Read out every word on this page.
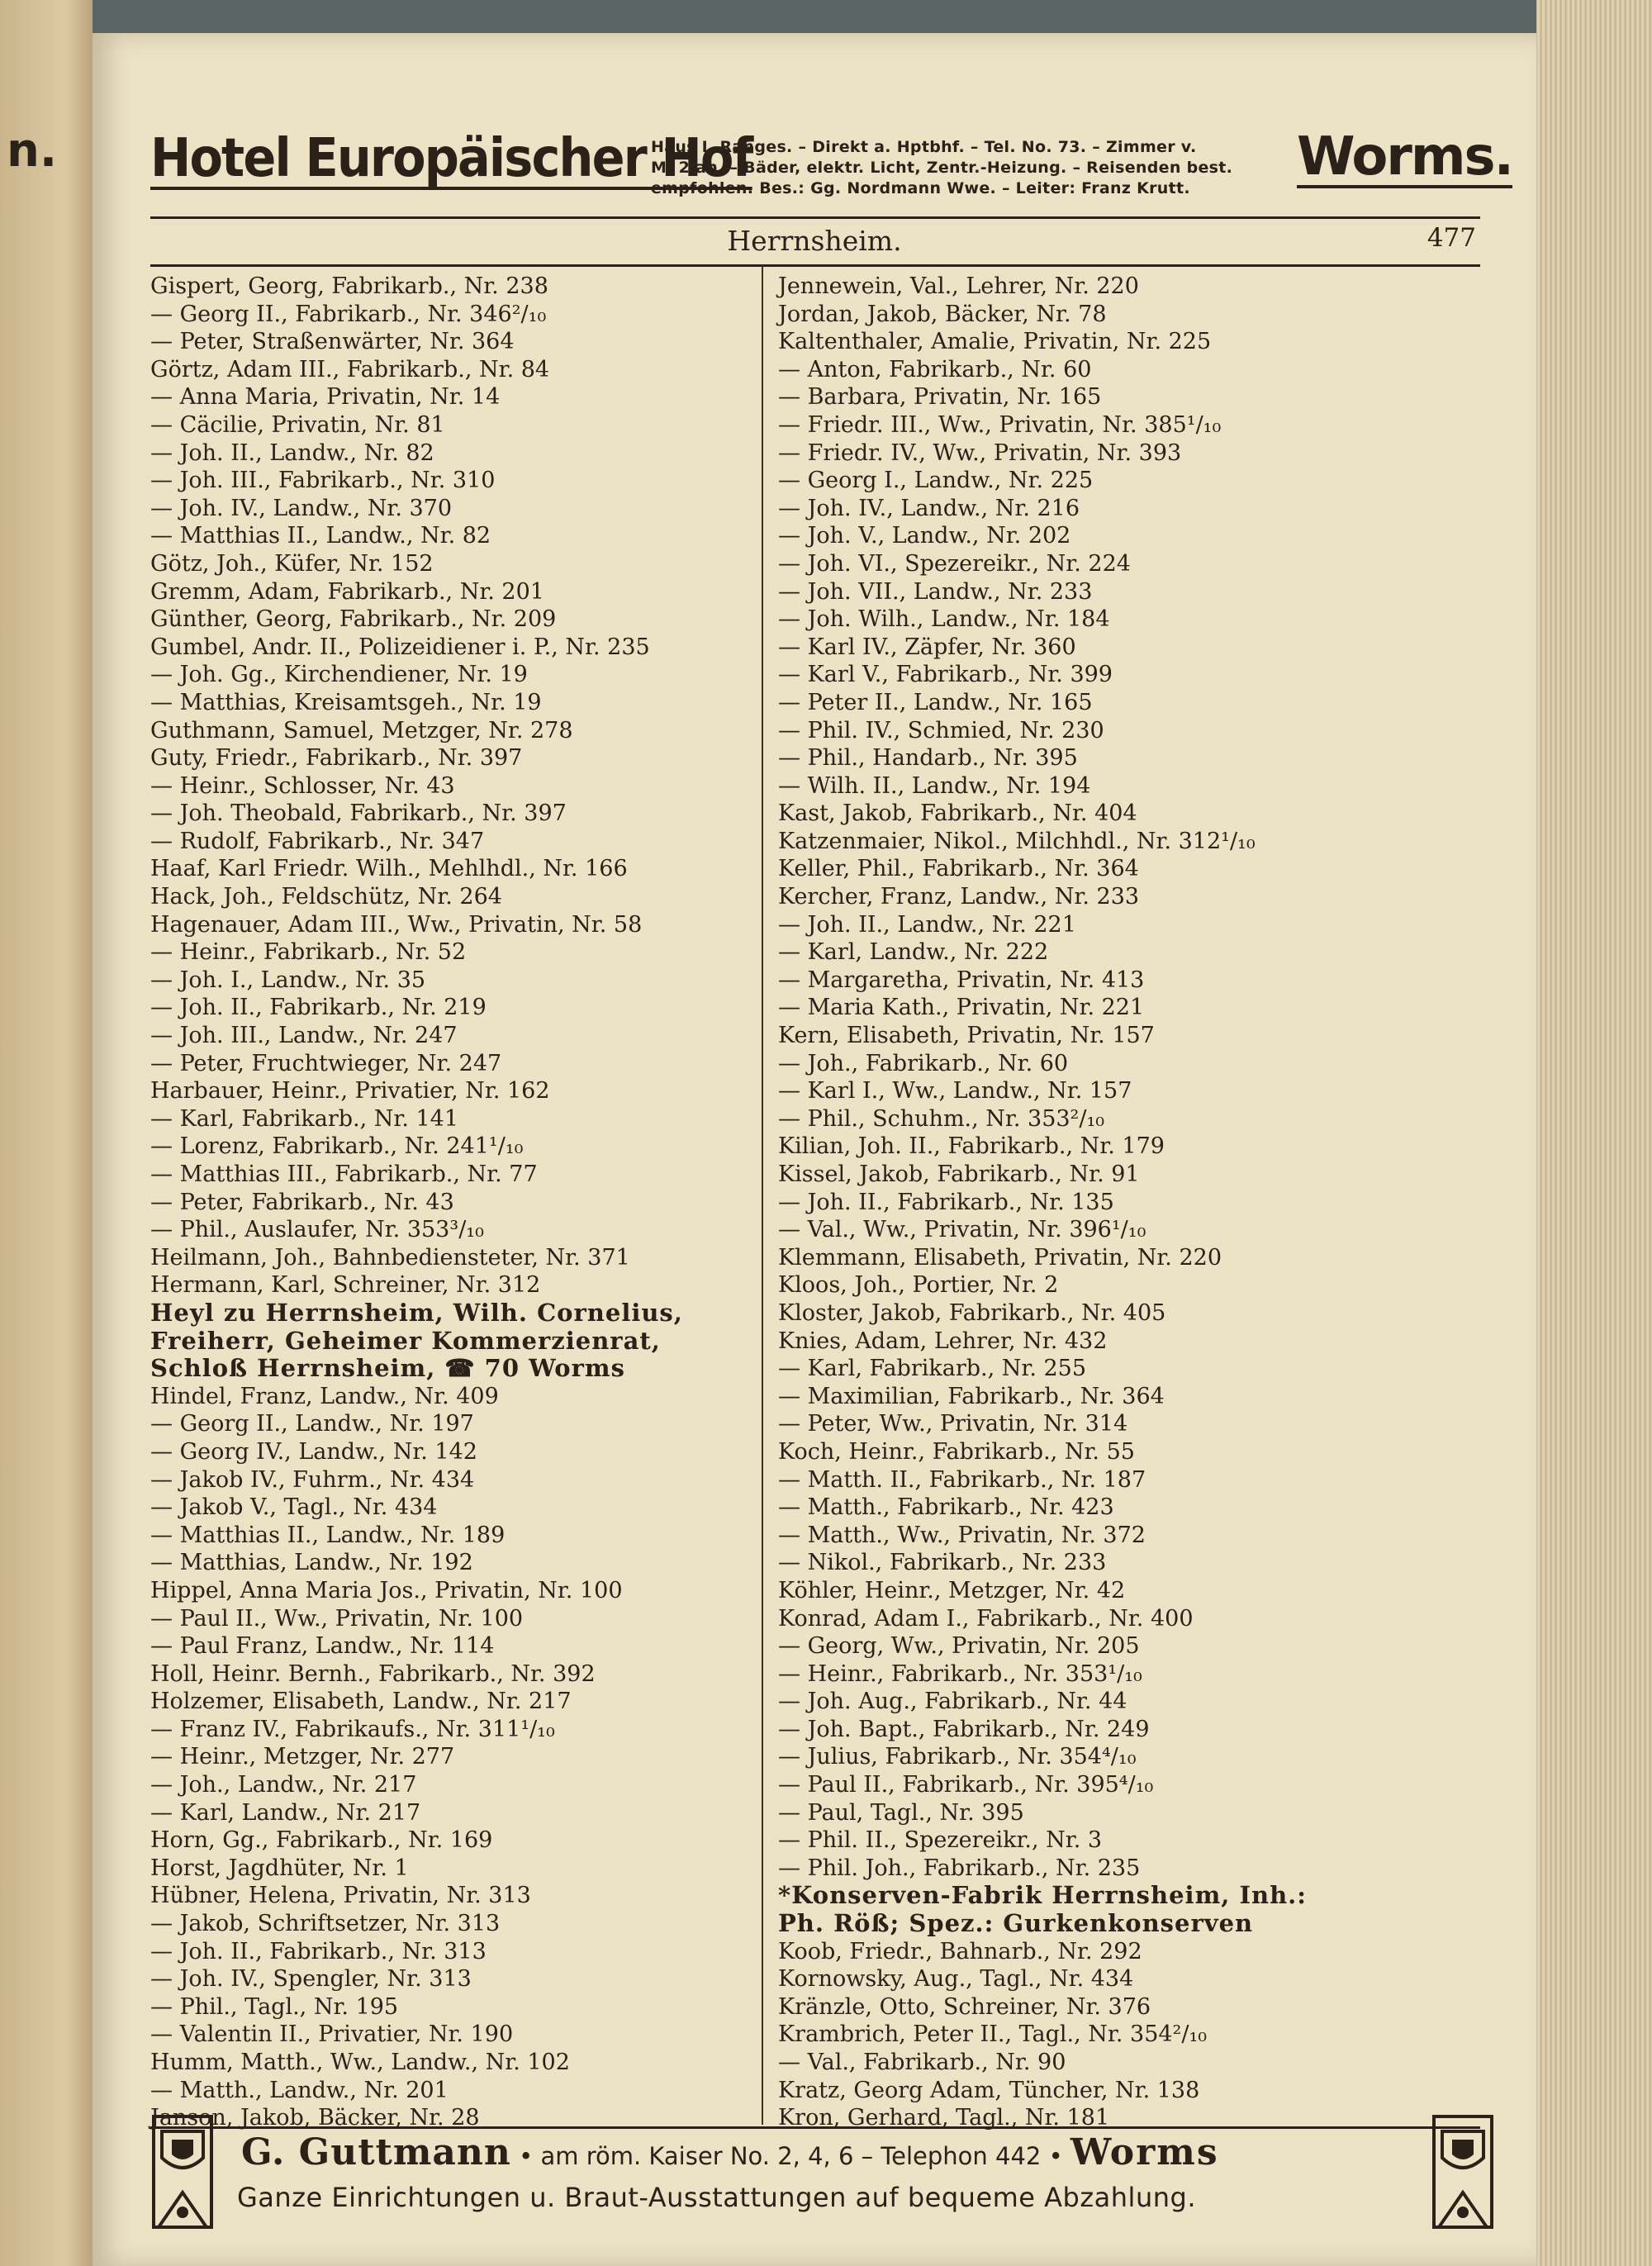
n. Hotel Europäischer Hof
Haus I. Ranges. – Direkt a. Hptbhf. – Tel. No. 73. – Zimmer v.
M. 2 an. – Bäder, elektr. Licht, Zentr.-Heizung. – Reisenden best.
empfohlen. Bes.: Gg. Nordmann Wwe. – Leiter: Franz Krutt.
Worms.
Herrnsheim.	477
Gispert, Georg, Fabrikarb., Nr. 238
— Georg II., Fabrikarb., Nr. 346²/₁₀
— Peter, Straßenwärter, Nr. 364
Görtz, Adam III., Fabrikarb., Nr. 84
— Anna Maria, Privatin, Nr. 14
— Cäcilie, Privatin, Nr. 81
— Joh. II., Landw., Nr. 82
— Joh. III., Fabrikarb., Nr. 310
— Joh. IV., Landw., Nr. 370
— Matthias II., Landw., Nr. 82
Götz, Joh., Küfer, Nr. 152
Gremm, Adam, Fabrikarb., Nr. 201
Günther, Georg, Fabrikarb., Nr. 209
Gumbel, Andr. II., Polizeidiener i. P., Nr. 235
— Joh. Gg., Kirchendiener, Nr. 19
— Matthias, Kreisamtsgeh., Nr. 19
Guthmann, Samuel, Metzger, Nr. 278
Guty, Friedr., Fabrikarb., Nr. 397
— Heinr., Schlosser, Nr. 43
— Joh. Theobald, Fabrikarb., Nr. 397
— Rudolf, Fabrikarb., Nr. 347
Haaf, Karl Friedr. Wilh., Mehlhdl., Nr. 166
Hack, Joh., Feldschütz, Nr. 264
Hagenauer, Adam III., Ww., Privatin, Nr. 58
— Heinr., Fabrikarb., Nr. 52
— Joh. I., Landw., Nr. 35
— Joh. II., Fabrikarb., Nr. 219
— Joh. III., Landw., Nr. 247
— Peter, Fruchtwieger, Nr. 247
Harbauer, Heinr., Privatier, Nr. 162
— Karl, Fabrikarb., Nr. 141
— Lorenz, Fabrikarb., Nr. 241¹/₁₀
— Matthias III., Fabrikarb., Nr. 77
— Peter, Fabrikarb., Nr. 43
— Phil., Auslaufer, Nr. 353³/₁₀
Heilmann, Joh., Bahnbediensteter, Nr. 371
Hermann, Karl, Schreiner, Nr. 312
Heyl zu Herrnsheim, Wilh. Cornelius,
Freiherr, Geheimer Kommerzienrat,
Schloß Herrnsheim, ☎ 70 Worms
Hindel, Franz, Landw., Nr. 409
— Georg II., Landw., Nr. 197
— Georg IV., Landw., Nr. 142
— Jakob IV., Fuhrm., Nr. 434
— Jakob V., Tagl., Nr. 434
— Matthias II., Landw., Nr. 189
— Matthias, Landw., Nr. 192
Hippel, Anna Maria Jos., Privatin, Nr. 100
— Paul II., Ww., Privatin, Nr. 100
— Paul Franz, Landw., Nr. 114
Holl, Heinr. Bernh., Fabrikarb., Nr. 392
Holzemer, Elisabeth, Landw., Nr. 217
— Franz IV., Fabrikaufs., Nr. 311¹/₁₀
— Heinr., Metzger, Nr. 277
— Joh., Landw., Nr. 217
— Karl, Landw., Nr. 217
Horn, Gg., Fabrikarb., Nr. 169
Horst, Jagdhüter, Nr. 1
Hübner, Helena, Privatin, Nr. 313
— Jakob, Schriftsetzer, Nr. 313
— Joh. II., Fabrikarb., Nr. 313
— Joh. IV., Spengler, Nr. 313
— Phil., Tagl., Nr. 195
— Valentin II., Privatier, Nr. 190
Humm, Matth., Ww., Landw., Nr. 102
— Matth., Landw., Nr. 201
Janson, Jakob, Bäcker, Nr. 28
Jennewein, Val., Lehrer, Nr. 220
Jordan, Jakob, Bäcker, Nr. 78
Kaltenthaler, Amalie, Privatin, Nr. 225
— Anton, Fabrikarb., Nr. 60
— Barbara, Privatin, Nr. 165
— Friedr. III., Ww., Privatin, Nr. 385¹/₁₀
— Friedr. IV., Ww., Privatin, Nr. 393
— Georg I., Landw., Nr. 225
— Joh. IV., Landw., Nr. 216
— Joh. V., Landw., Nr. 202
— Joh. VI., Spezereikr., Nr. 224
— Joh. VII., Landw., Nr. 233
— Joh. Wilh., Landw., Nr. 184
— Karl IV., Zäpfer, Nr. 360
— Karl V., Fabrikarb., Nr. 399
— Peter II., Landw., Nr. 165
— Phil. IV., Schmied, Nr. 230
— Phil., Handarb., Nr. 395
— Wilh. II., Landw., Nr. 194
Kast, Jakob, Fabrikarb., Nr. 404
Katzenmaier, Nikol., Milchhdl., Nr. 312¹/₁₀
Keller, Phil., Fabrikarb., Nr. 364
Kercher, Franz, Landw., Nr. 233
— Joh. II., Landw., Nr. 221
— Karl, Landw., Nr. 222
— Margaretha, Privatin, Nr. 413
— Maria Kath., Privatin, Nr. 221
Kern, Elisabeth, Privatin, Nr. 157
— Joh., Fabrikarb., Nr. 60
— Karl I., Ww., Landw., Nr. 157
— Phil., Schuhm., Nr. 353²/₁₀
Kilian, Joh. II., Fabrikarb., Nr. 179
Kissel, Jakob, Fabrikarb., Nr. 91
— Joh. II., Fabrikarb., Nr. 135
— Val., Ww., Privatin, Nr. 396¹/₁₀
Klemmann, Elisabeth, Privatin, Nr. 220
Kloos, Joh., Portier, Nr. 2
Kloster, Jakob, Fabrikarb., Nr. 405
Knies, Adam, Lehrer, Nr. 432
— Karl, Fabrikarb., Nr. 255
— Maximilian, Fabrikarb., Nr. 364
— Peter, Ww., Privatin, Nr. 314
Koch, Heinr., Fabrikarb., Nr. 55
— Matth. II., Fabrikarb., Nr. 187
— Matth., Fabrikarb., Nr. 423
— Matth., Ww., Privatin, Nr. 372
— Nikol., Fabrikarb., Nr. 233
Köhler, Heinr., Metzger, Nr. 42
Konrad, Adam I., Fabrikarb., Nr. 400
— Georg, Ww., Privatin, Nr. 205
— Heinr., Fabrikarb., Nr. 353¹/₁₀
— Joh. Aug., Fabrikarb., Nr. 44
— Joh. Bapt., Fabrikarb., Nr. 249
— Julius, Fabrikarb., Nr. 354⁴/₁₀
— Paul II., Fabrikarb., Nr. 395⁴/₁₀
— Paul, Tagl., Nr. 395
— Phil. II., Spezereikr., Nr. 3
— Phil. Joh., Fabrikarb., Nr. 235
*Konserven-Fabrik Herrnsheim, Inh.:
Ph. Röß; Spez.: Gurkenkonserven
Koob, Friedr., Bahnarb., Nr. 292
Kornowsky, Aug., Tagl., Nr. 434
Kränzle, Otto, Schreiner, Nr. 376
Krambrich, Peter II., Tagl., Nr. 354²/₁₀
— Val., Fabrikarb., Nr. 90
Kratz, Georg Adam, Tüncher, Nr. 138
Kron, Gerhard, Tagl., Nr. 181
G. Guttmann • am röm. Kaiser No. 2, 4, 6 – Telephon 442 • Worms
Ganze Einrichtungen u. Braut-Ausstattungen auf bequeme Abzahlung.
